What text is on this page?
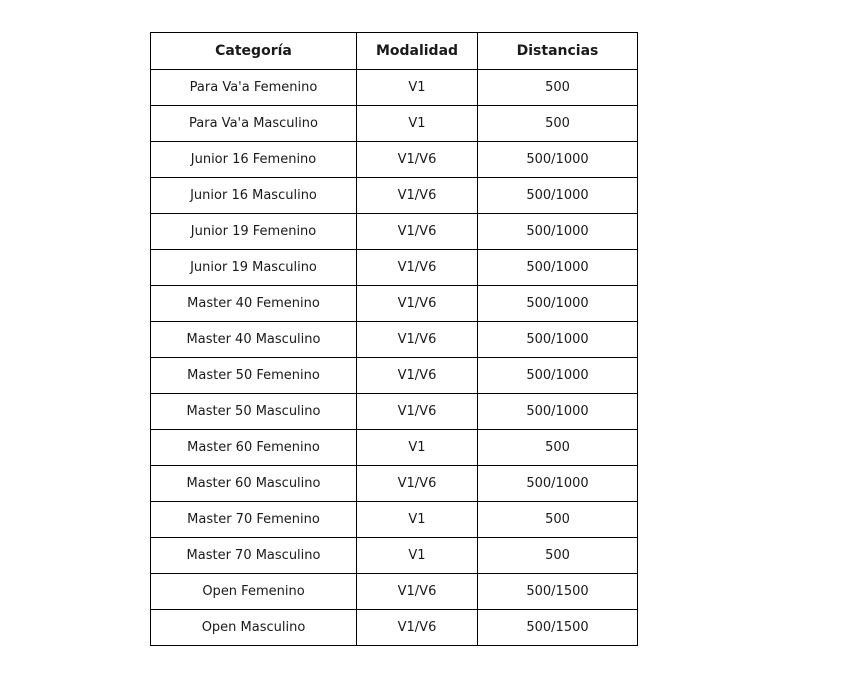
Categoría	Modalidad	Distancias
Para Va'a Femenino	V1	500
Para Va'a Masculino	V1	500
Junior 16 Femenino	V1/V6	500/1000
Junior 16 Masculino	V1/V6	500/1000
Junior 19 Femenino	V1/V6	500/1000
Junior 19 Masculino	V1/V6	500/1000
Master 40 Femenino	V1/V6	500/1000
Master 40 Masculino	V1/V6	500/1000
Master 50 Femenino	V1/V6	500/1000
Master 50 Masculino	V1/V6	500/1000
Master 60 Femenino	V1	500
Master 60 Masculino	V1/V6	500/1000
Master 70 Femenino	V1	500
Master 70 Masculino	V1	500
Open Femenino	V1/V6	500/1500
Open Masculino	V1/V6	500/1500
